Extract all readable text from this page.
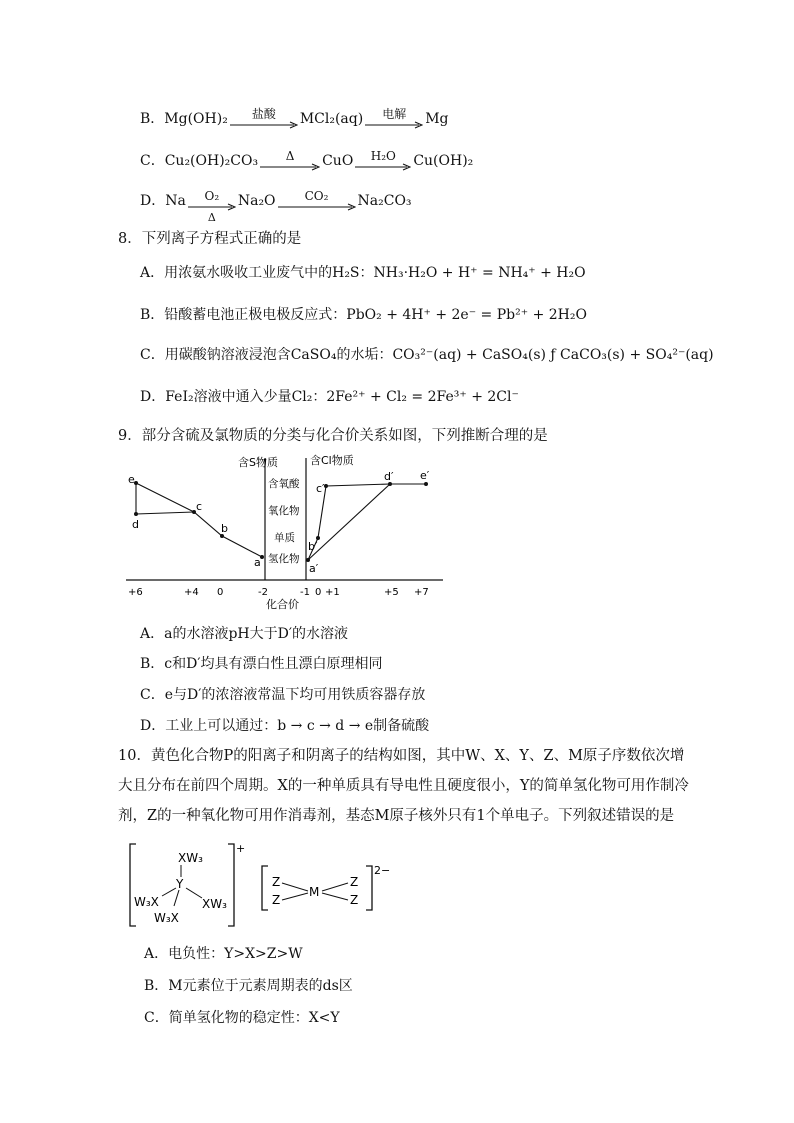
B． Mg(OH)₂ 盐酸 MCl₂(aq) 电解 Mg
C． Cu₂(OH)₂CO₃ Δ CuO H₂O Cu(OH)₂
D． Na O₂
Δ
Na₂O CO₂ Na₂CO₃
8．下列离子方程式正确的是
A．用浓氨水吸收工业废气中的H₂S：NH₃·H₂O + H⁺ = NH₄⁺ + H₂O
B．铅酸蓄电池正极电极反应式：PbO₂ + 4H⁺ + 2e⁻ = Pb²⁺ + 2H₂O
C．用碳酸钠溶液浸泡含CaSO₄的水垢：CO₃²⁻(aq) + CaSO₄(s) ƒ CaCO₃(s) + SO₄²⁻(aq)
D．FeI₂溶液中通入少量Cl₂：2Fe²⁺ + Cl₂ = 2Fe³⁺ + 2Cl⁻
9．部分含硫及氯物质的分类与化合价关系如图，下列推断合理的是
含S物质	含Cl物质
含氧酸
氧化物
单质
氢化物
e
d
c
b
a	a′
b′
c′
d′ e′
+6	+4 0	-2	-1 0 +1	+5 +7
化合价
A．a的水溶液pH大于D′的水溶液
B．c和D′均具有漂白性且漂白原理相同
C．e与D′的浓溶液常温下均可用铁质容器存放
D．工业上可以通过：b → c → d → e制备硫酸
10．黄色化合物P的阳离子和阴离子的结构如图，其中W、X、Y、Z、M原子序数依次增
大且分布在前四个周期。X的一种单质具有导电性且硬度很小，Y的简单氢化物可用作制冷
剂，Z的一种氧化物可用作消毒剂，基态M原子核外只有1个单电子。下列叙述错误的是
+
XW₃
Y
W₃X	XW₃
W₃X
2−
Z
Z
M
Z
Z
A．电负性：Y>X>Z>W
B．M元素位于元素周期表的ds区
C．简单氢化物的稳定性：X<Y
